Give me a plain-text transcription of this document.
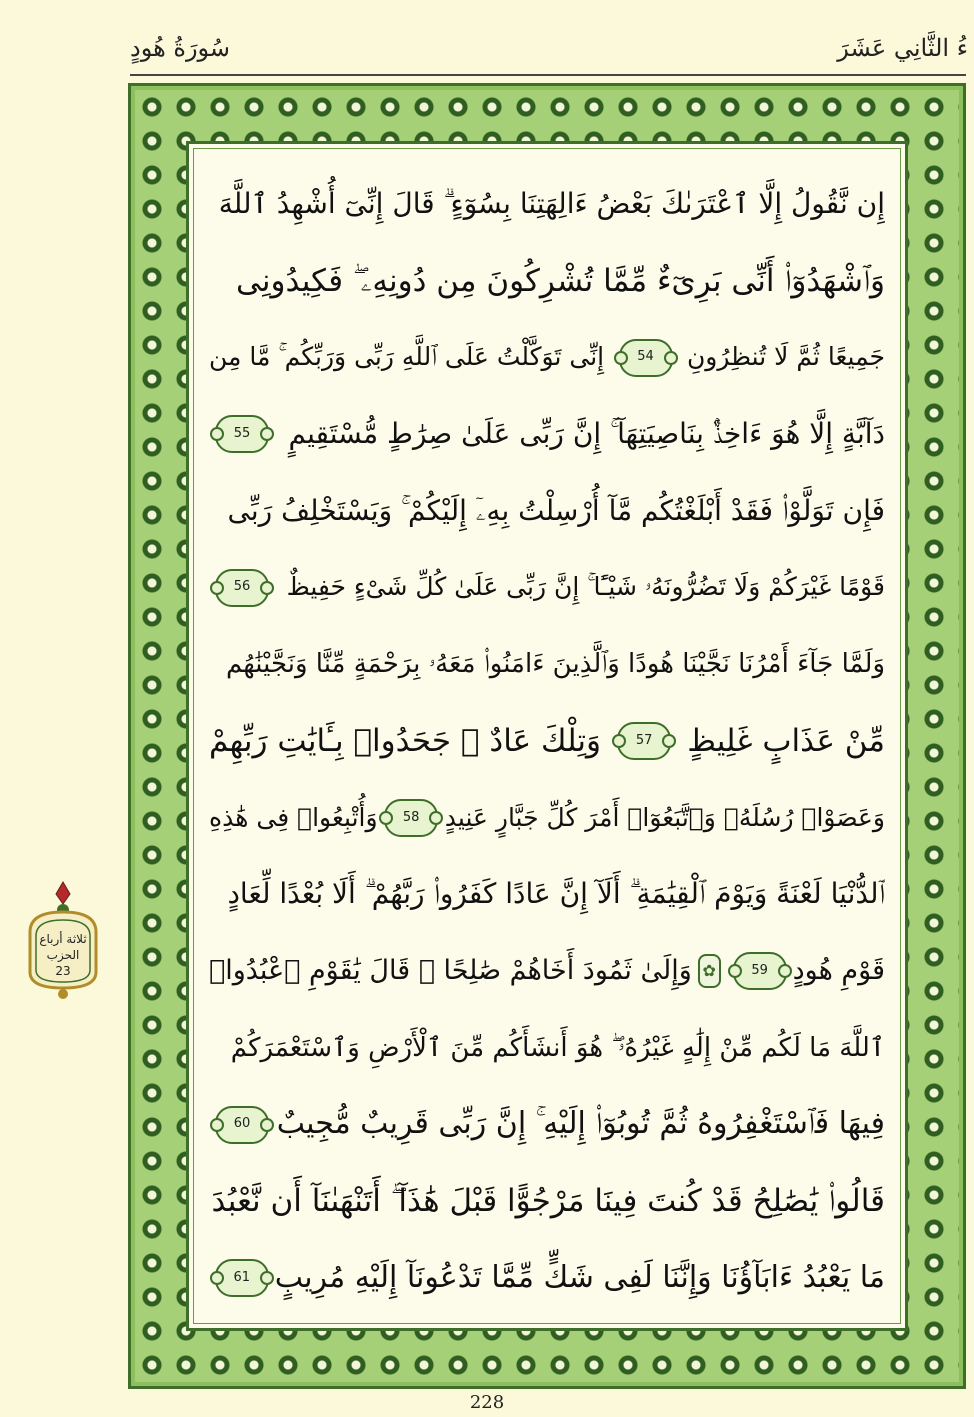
سُورَةُ هُودٍ	ءُ الثَّانِي عَشَرَ
إِن نَّقُولُ إِلَّا ٱعْتَرَىٰكَ بَعْضُ ءَالِهَتِنَا بِسُوٓءٍ ۗ قَالَ إِنِّىٓ أُشْهِدُ ٱللَّهَ
وَٱشْهَدُوٓا۟ أَنِّى بَرِىٓءٌ مِّمَّا تُشْرِكُونَ مِن دُونِهِۦ ۖ فَكِيدُونِى
جَمِيعًا ثُمَّ لَا تُنظِرُونِ
54
إِنِّى تَوَكَّلْتُ عَلَى ٱللَّهِ رَبِّى وَرَبِّكُم ۚ مَّا مِن
دَآبَّةٍ إِلَّا هُوَ ءَاخِذٌۢ بِنَاصِيَتِهَآ ۚ إِنَّ رَبِّى عَلَىٰ صِرَٰطٍ مُّسْتَقِيمٍ
55
فَإِن تَوَلَّوْا۟ فَقَدْ أَبْلَغْتُكُم مَّآ أُرْسِلْتُ بِهِۦٓ إِلَيْكُمْ ۚ وَيَسْتَخْلِفُ رَبِّى
قَوْمًا غَيْرَكُمْ وَلَا تَضُرُّونَهُۥ شَيْـًٔا ۚ إِنَّ رَبِّى عَلَىٰ كُلِّ شَىْءٍ حَفِيظٌ
56
وَلَمَّا جَآءَ أَمْرُنَا نَجَّيْنَا هُودًا وَٱلَّذِينَ ءَامَنُوا۟ مَعَهُۥ بِرَحْمَةٍ مِّنَّا وَنَجَّيْنَٰهُم
مِّنْ عَذَابٍ غَلِيظٍ
57
وَتِلْكَ عَادٌ ۖ جَحَدُوا۟ بِـَٔايَٰتِ رَبِّهِمْ
وَعَصَوْا۟ رُسُلَهُۥ وَٱتَّبَعُوٓا۟ أَمْرَ كُلِّ جَبَّارٍ عَنِيدٍ
58
وَأُتْبِعُوا۟ فِى هَٰذِهِ
ٱلدُّنْيَا لَعْنَةً وَيَوْمَ ٱلْقِيَٰمَةِ ۗ أَلَآ إِنَّ عَادًا كَفَرُوا۟ رَبَّهُمْ ۗ أَلَا بُعْدًا لِّعَادٍ
قَوْمِ هُودٍ
59
✿
وَإِلَىٰ ثَمُودَ أَخَاهُمْ صَٰلِحًا ۚ قَالَ يَٰقَوْمِ ٱعْبُدُوا۟
ٱللَّهَ مَا لَكُم مِّنْ إِلَٰهٍ غَيْرُهُۥ ۖ هُوَ أَنشَأَكُم مِّنَ ٱلْأَرْضِ وَٱسْتَعْمَرَكُمْ
فِيهَا فَٱسْتَغْفِرُوهُ ثُمَّ تُوبُوٓا۟ إِلَيْهِ ۚ إِنَّ رَبِّى قَرِيبٌ مُّجِيبٌ
60
قَالُوا۟ يَٰصَٰلِحُ قَدْ كُنتَ فِينَا مَرْجُوًّا قَبْلَ هَٰذَآ ۖ أَتَنْهَىٰنَآ أَن نَّعْبُدَ
مَا يَعْبُدُ ءَابَآؤُنَا وَإِنَّنَا لَفِى شَكٍّ مِّمَّا تَدْعُونَآ إِلَيْهِ مُرِيبٍ
61
ثلاثة أرباع
الحزب
23
228
